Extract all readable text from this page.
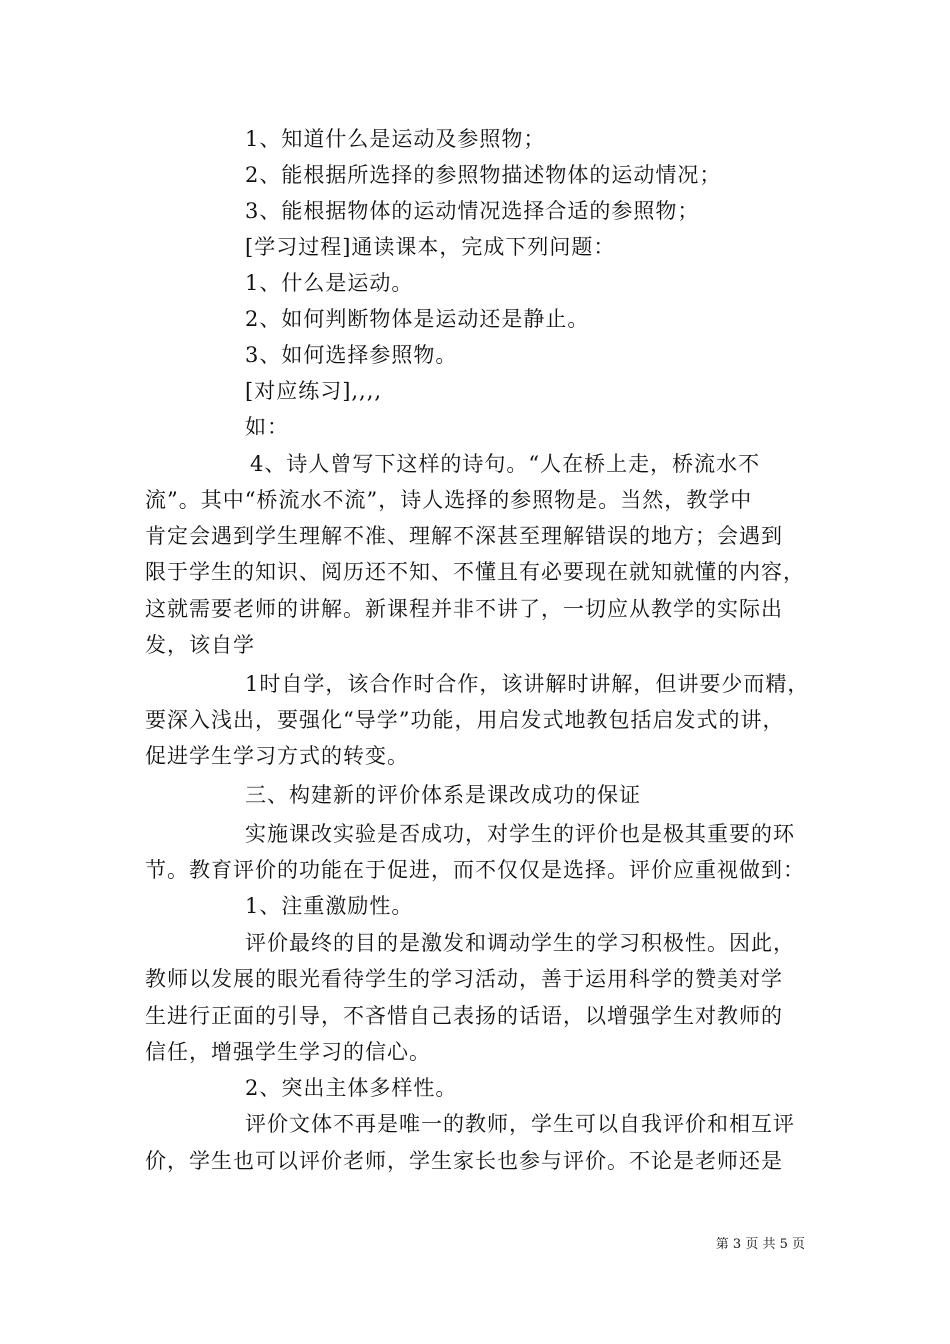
1、知道什么是运动及参照物；
2、能根据所选择的参照物描述物体的运动情况；
3、能根据物体的运动情况选择合适的参照物；
[学习过程]通读课本，完成下列问题：
1、什么是运动。
2、如何判断物体是运动还是静止。
3、如何选择参照物。
[对应练习],,,,
如：
4、诗人曾写下这样的诗句。“人在桥上走，桥流水不
流”。其中“桥流水不流”，诗人选择的参照物是。当然，教学中
肯定会遇到学生理解不准、理解不深甚至理解错误的地方；会遇到
限于学生的知识、阅历还不知、不懂且有必要现在就知就懂的内容，
这就需要老师的讲解。新课程并非不讲了，一切应从教学的实际出
发，该自学
1时自学，该合作时合作，该讲解时讲解，但讲要少而精，
要深入浅出，要强化“导学”功能，用启发式地教包括启发式的讲，
促进学生学习方式的转变。
三、构建新的评价体系是课改成功的保证
实施课改实验是否成功，对学生的评价也是极其重要的环
节。教育评价的功能在于促进，而不仅仅是选择。评价应重视做到：
1、注重激励性。
评价最终的目的是激发和调动学生的学习积极性。因此，
教师以发展的眼光看待学生的学习活动，善于运用科学的赞美对学
生进行正面的引导，不吝惜自己表扬的话语，以增强学生对教师的
信任，增强学生学习的信心。
2、突出主体多样性。
评价文体不再是唯一的教师，学生可以自我评价和相互评
价，学生也可以评价老师，学生家长也参与评价。不论是老师还是
第 3 页 共 5 页
